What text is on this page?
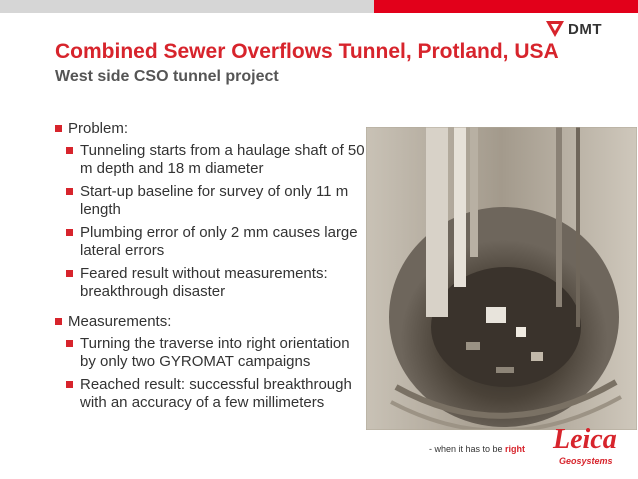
DMT
Combined Sewer Overflows Tunnel, Protland, USA
West side CSO tunnel project
Problem:
Tunneling starts from a haulage shaft of 50 m depth and 18 m diameter
Start-up baseline for survey of only 11 m length
Plumbing error of only 2 mm causes large lateral errors
Feared result without measurements: breakthrough disaster
Measurements:
Turning the traverse into right orientation by only two GYROMAT campaigns
Reached result: successful breakthrough with an accuracy of a few millimeters
- when it has to be right Leica
Geosystems
